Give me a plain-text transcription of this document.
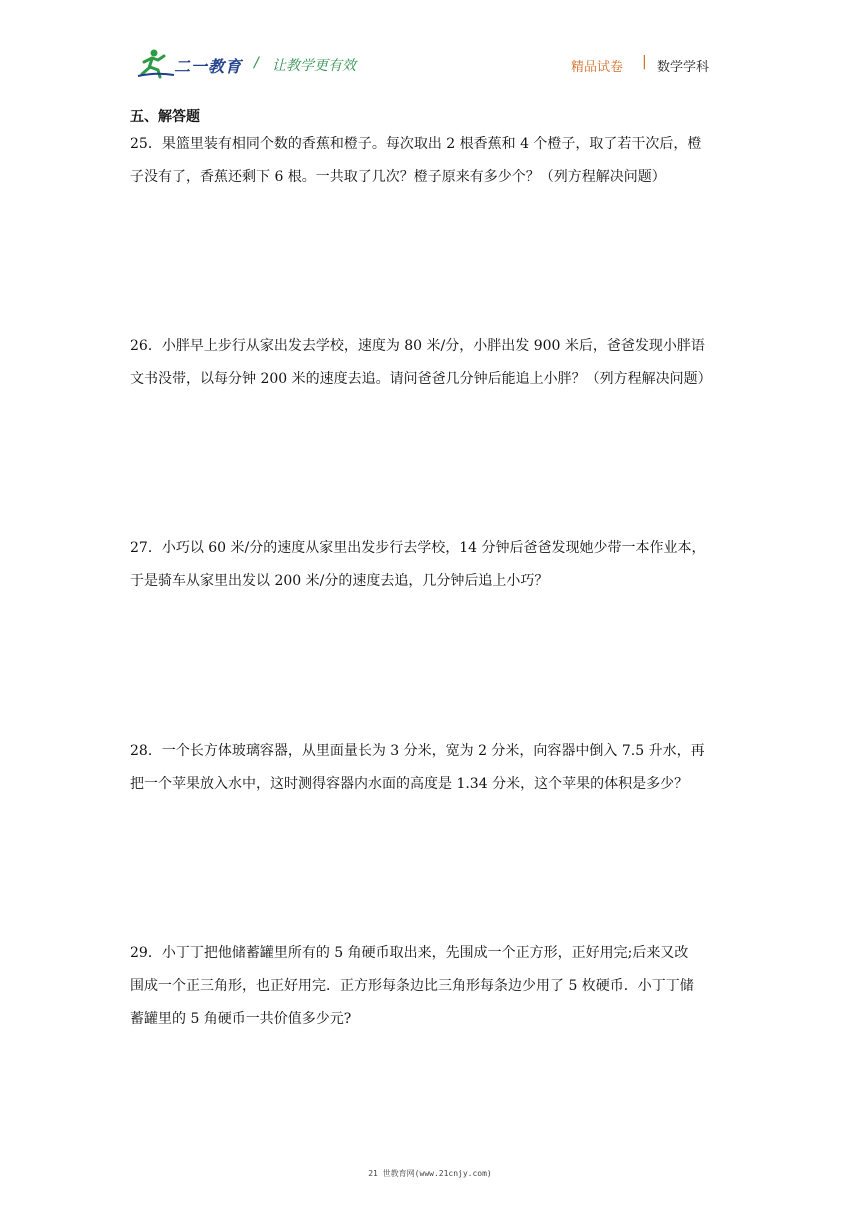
二一教育 / 让教学更有效	精品试卷 | 数学学科
五、解答题

25．果篮里装有相同个数的香蕉和橙子。每次取出 2 根香蕉和 4 个橙子，取了若干次后，橙

子没有了，香蕉还剩下 6 根。一共取了几次？橙子原来有多少个？（列方程解决问题）

26．小胖早上步行从家出发去学校，速度为 80 米/分，小胖出发 900 米后，爸爸发现小胖语

文书没带，以每分钟 200 米的速度去追。请问爸爸几分钟后能追上小胖？（列方程解决问题）

27．小巧以 60 米/分的速度从家里出发步行去学校，14 分钟后爸爸发现她少带一本作业本，

于是骑车从家里出发以 200 米/分的速度去追，几分钟后追上小巧？

28．一个长方体玻璃容器，从里面量长为 3 分米，宽为 2 分米，向容器中倒入 7.5 升水，再

把一个苹果放入水中，这时测得容器内水面的高度是 1.34 分米，这个苹果的体积是多少？

29．小丁丁把他储蓄罐里所有的 5 角硬币取出来，先围成一个正方形，正好用完;后来又改

围成一个正三角形，也正好用完．正方形每条边比三角形每条边少用了 5 枚硬币．小丁丁储

蓄罐里的 5 角硬币一共价值多少元?

21 世教育网(www.21cnjy.com)
